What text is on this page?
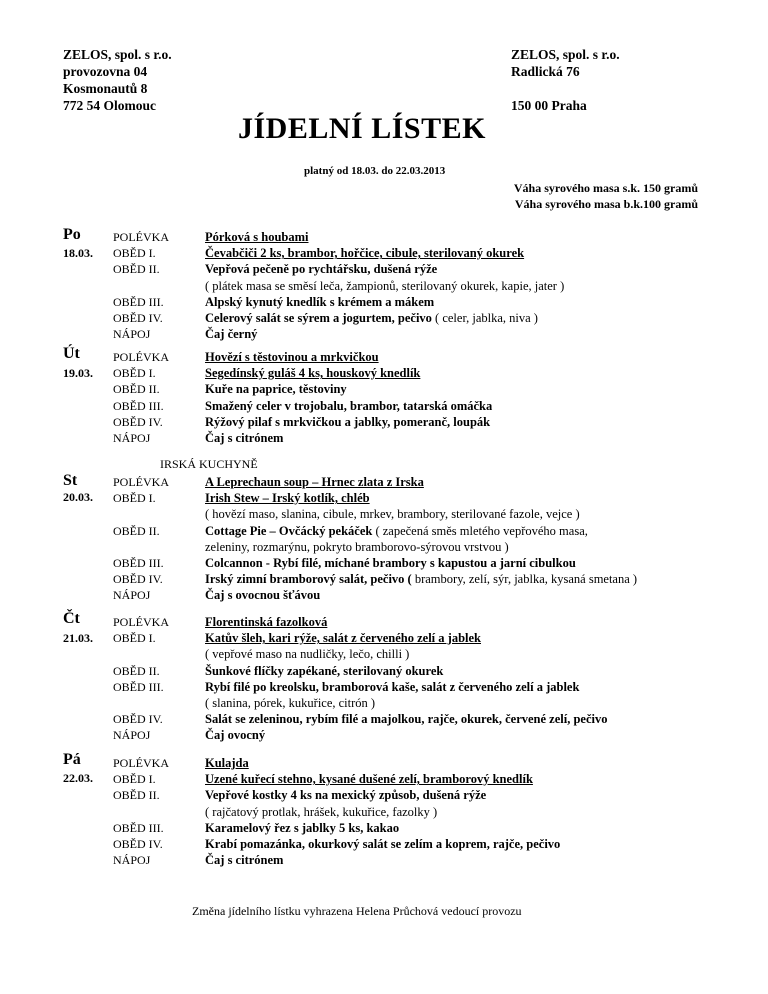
ZELOS, spol. s r.o.
provozovna 04
Kosmonautů 8
772 54 Olomouc
ZELOS, spol. s r.o.
Radlická 76
150 00 Praha
JÍDELNÍ LÍSTEK
platný od 18.03. do 22.03.2013
Váha syrového masa s.k. 150 gramů
Váha syrového masa b.k.100 gramů
Po
18.03.
POLÉVKA
OBĚD I.
OBĚD II.
OBĚD III.
OBĚD IV.
NÁPOJ
Pórková s houbami
Čevabčiči 2 ks, brambor, hořčice, cibule, sterilovaný okurek
Vepřová pečeně po rychtářsku, dušená rýže
( plátek masa se směsí leča, žampionů, sterilovaný okurek, kapie, jater )
Alpský kynutý knedlík s krémem a mákem
Celerový salát se sýrem a jogurtem, pečivo ( celer, jablka, niva )
Čaj černý
Út
19.03.
POLÉVKA
OBĚD I.
OBĚD II.
OBĚD III.
OBĚD IV.
NÁPOJ
Hovězí s těstovinou a mrkvičkou
Segedínský guláš 4 ks, houskový knedlík
Kuře na paprice, těstoviny
Smažený celer v trojobalu, brambor, tatarská omáčka
Rýžový pilaf s mrkvičkou a jablky, pomeranč, loupák
Čaj s citrónem
IRSKÁ KUCHYNĚ
St
20.03.
POLÉVKA
OBĚD I.
OBĚD II.
OBĚD III.
OBĚD IV.
NÁPOJ
A Leprechaun soup – Hrnec zlata z Irska
Irish Stew – Irský kotlík, chléb
( hovězí maso, slanina, cibule, mrkev, brambory, sterilované fazole, vejce )
Cottage Pie – Ovčácký pekáček ( zapečená směs mletého vepřového masa,
zeleniny, rozmarýnu, pokryto bramborovo-sýrovou vrstvou )
Colcannon - Rybí filé, míchané brambory s kapustou a jarní cibulkou
Irský zimní bramborový salát, pečivo ( brambory, zelí, sýr, jablka, kysaná smetana )
Čaj s ovocnou šťávou
Čt
21.03.
POLÉVKA
OBĚD I.
OBĚD II.
OBĚD III.
OBĚD IV.
NÁPOJ
Florentinská fazolková
Katův šleh, kari rýže, salát z červeného zelí a jablek
( vepřové maso na nudličky, lečo, chilli )
Šunkové flíčky zapékané, sterilovaný okurek
Rybí filé po kreolsku, bramborová kaše, salát z červeného zelí a jablek
( slanina, pórek, kukuřice, citrón )
Salát se zeleninou, rybím filé a majolkou, rajče, okurek, červené zelí, pečivo
Čaj ovocný
Pá
22.03.
POLÉVKA
OBĚD I.
OBĚD II.
OBĚD III.
OBĚD IV.
NÁPOJ
Kulajda
Uzené kuřecí stehno, kysané dušené zelí, bramborový knedlík
Vepřové kostky 4 ks na mexický způsob, dušená rýže
( rajčatový protlak, hrášek, kukuřice, fazolky )
Karamelový řez s jablky 5 ks, kakao
Krabí pomazánka, okurkový salát se zelím a koprem, rajče, pečivo
Čaj s citrónem
Změna jídelního lístku vyhrazena Helena Průchová vedoucí provozu
